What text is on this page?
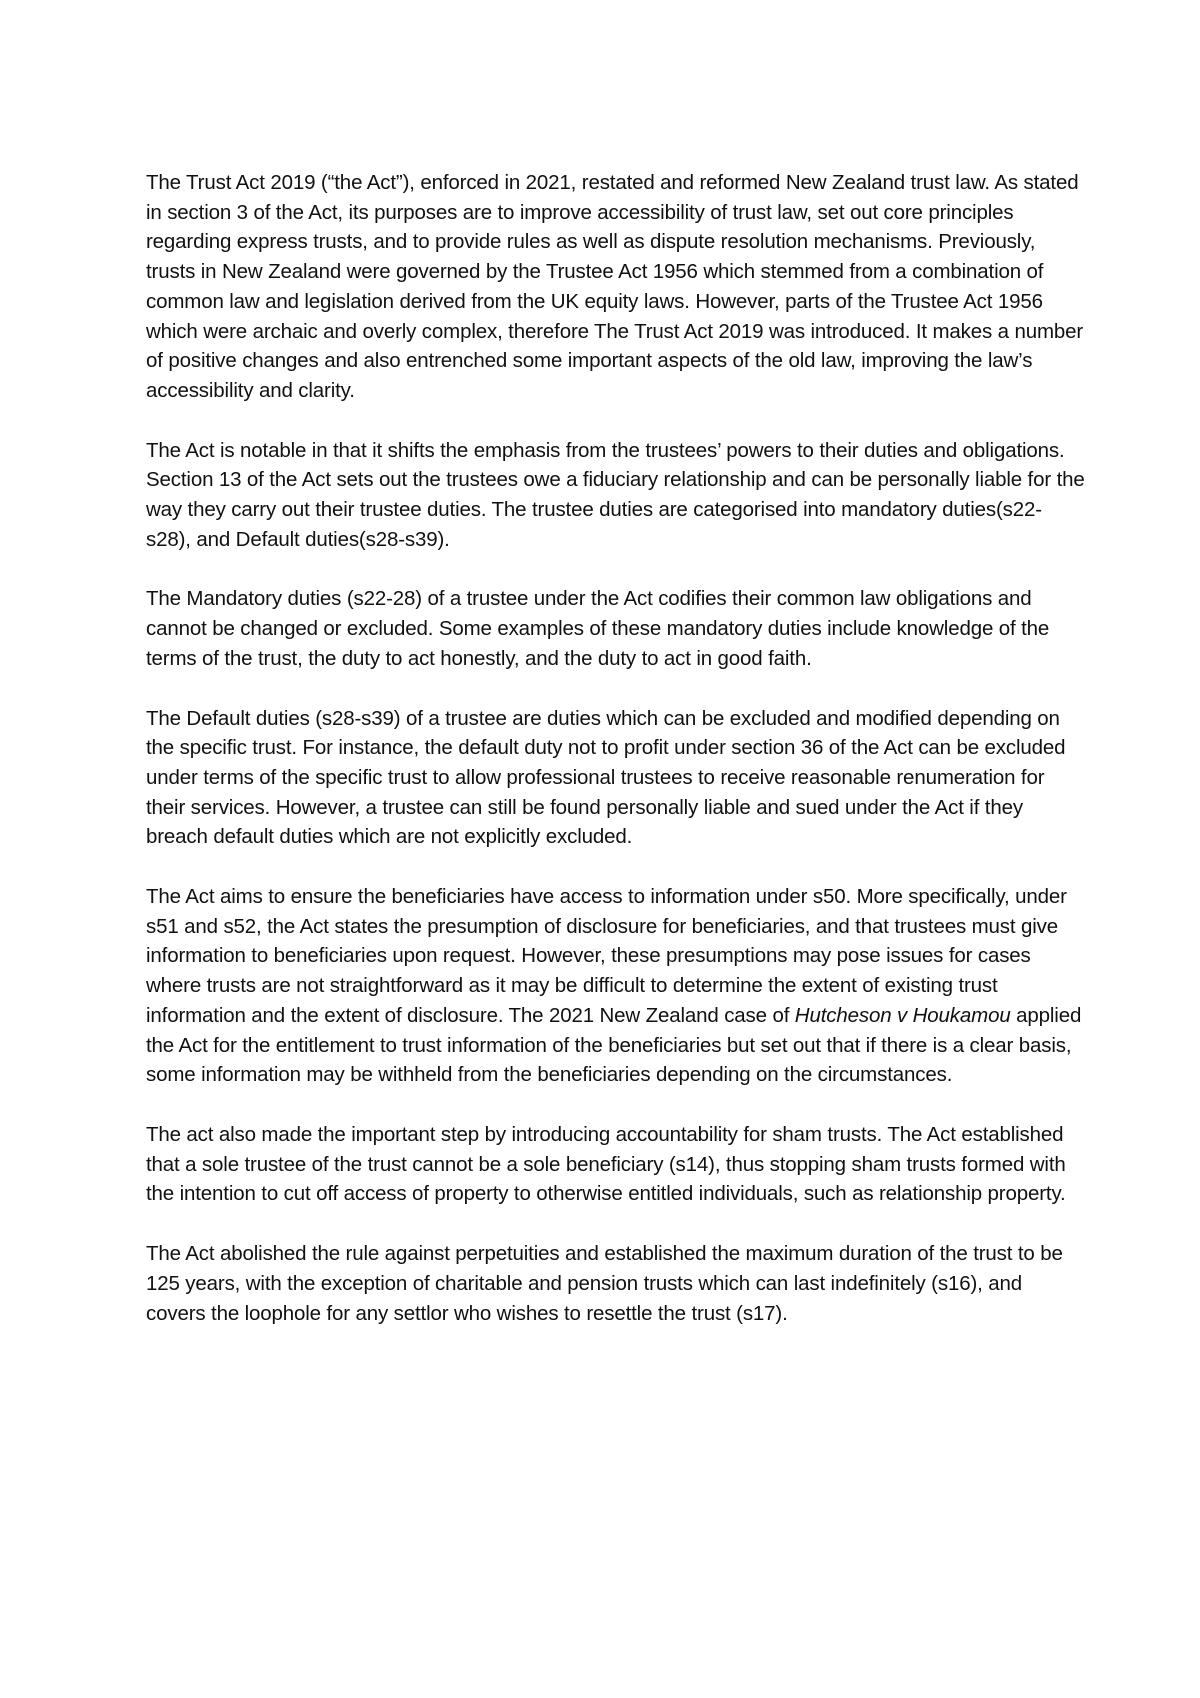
The Trust Act 2019 (“the Act”), enforced in 2021, restated and reformed New Zealand trust law. As stated in section 3 of the Act, its purposes are to improve accessibility of trust law, set out core principles regarding express trusts, and to provide rules as well as dispute resolution mechanisms. Previously, trusts in New Zealand were governed by the Trustee Act 1956 which stemmed from a combination of common law and legislation derived from the UK equity laws. However, parts of the Trustee Act 1956 which were archaic and overly complex, therefore The Trust Act 2019 was introduced. It makes a number of positive changes and also entrenched some important aspects of the old law, improving the law’s accessibility and clarity.

The Act is notable in that it shifts the emphasis from the trustees’ powers to their duties and obligations. Section 13 of the Act sets out the trustees owe a fiduciary relationship and can be personally liable for the way they carry out their trustee duties. The trustee duties are categorised into mandatory duties(s22-s28), and Default duties(s28-s39).

The Mandatory duties (s22-28) of a trustee under the Act codifies their common law obligations and cannot be changed or excluded. Some examples of these mandatory duties include knowledge of the terms of the trust, the duty to act honestly, and the duty to act in good faith.

The Default duties (s28-s39) of a trustee are duties which can be excluded and modified depending on the specific trust. For instance, the default duty not to profit under section 36 of the Act can be excluded under terms of the specific trust to allow professional trustees to receive reasonable renumeration for their services. However, a trustee can still be found personally liable and sued under the Act if they breach default duties which are not explicitly excluded.

The Act aims to ensure the beneficiaries have access to information under s50. More specifically, under s51 and s52, the Act states the presumption of disclosure for beneficiaries, and that trustees must give information to beneficiaries upon request. However, these presumptions may pose issues for cases where trusts are not straightforward as it may be difficult to determine the extent of existing trust information and the extent of disclosure. The 2021 New Zealand case of Hutcheson v Houkamou applied the Act for the entitlement to trust information of the beneficiaries but set out that if there is a clear basis, some information may be withheld from the beneficiaries depending on the circumstances.

The act also made the important step by introducing accountability for sham trusts. The Act established that a sole trustee of the trust cannot be a sole beneficiary (s14), thus stopping sham trusts formed with the intention to cut off access of property to otherwise entitled individuals, such as relationship property.

The Act abolished the rule against perpetuities and established the maximum duration of the trust to be 125 years, with the exception of charitable and pension trusts which can last indefinitely (s16), and covers the loophole for any settlor who wishes to resettle the trust (s17).
